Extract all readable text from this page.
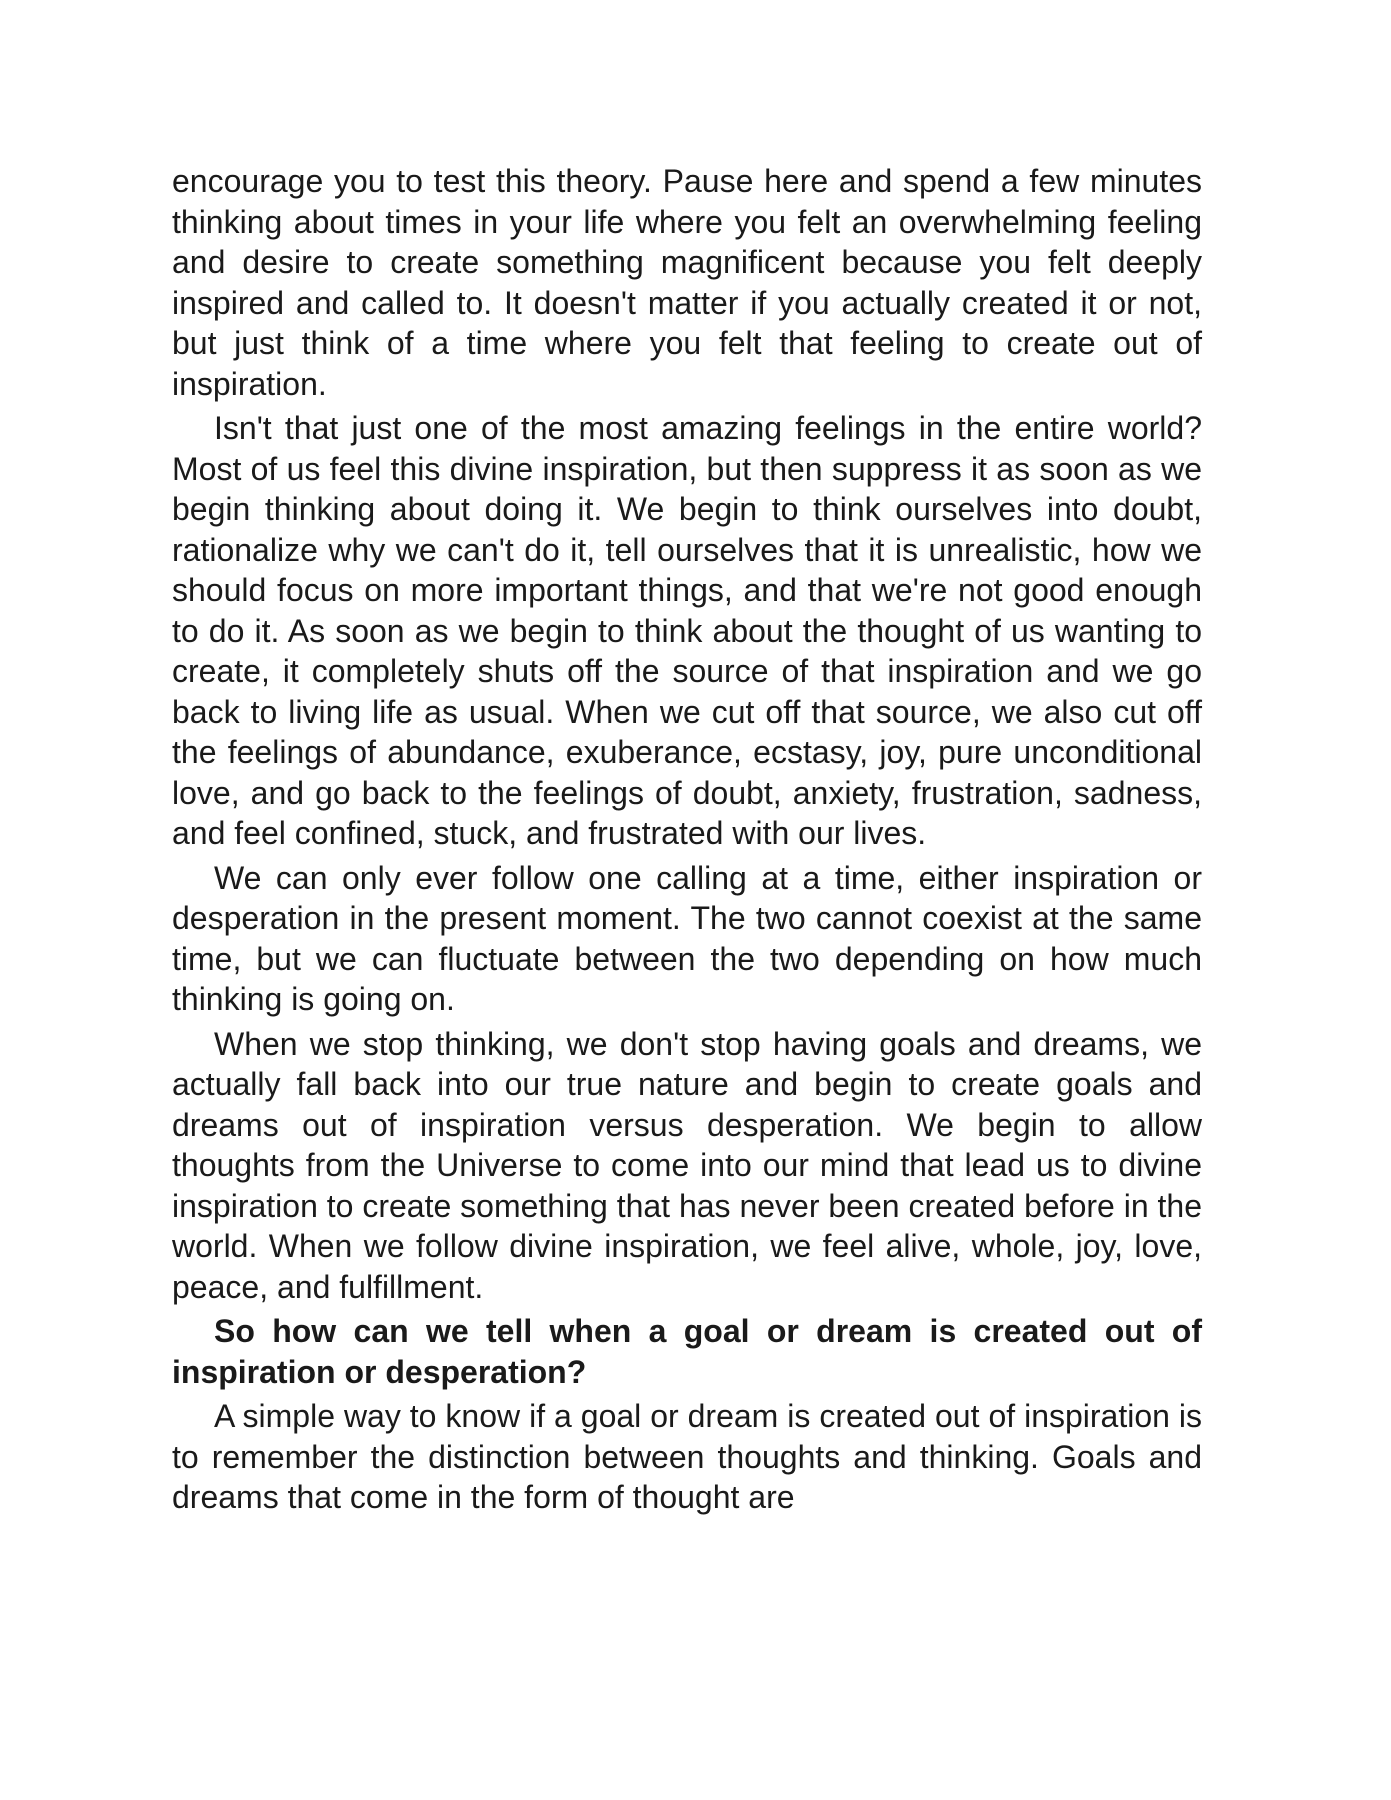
encourage you to test this theory. Pause here and spend a few minutes thinking about times in your life where you felt an overwhelming feeling and desire to create something magnificent because you felt deeply inspired and called to. It doesn't matter if you actually created it or not, but just think of a time where you felt that feeling to create out of inspiration.

Isn't that just one of the most amazing feelings in the entire world? Most of us feel this divine inspiration, but then suppress it as soon as we begin thinking about doing it. We begin to think ourselves into doubt, rationalize why we can't do it, tell ourselves that it is unrealistic, how we should focus on more important things, and that we're not good enough to do it. As soon as we begin to think about the thought of us wanting to create, it completely shuts off the source of that inspiration and we go back to living life as usual. When we cut off that source, we also cut off the feelings of abundance, exuberance, ecstasy, joy, pure unconditional love, and go back to the feelings of doubt, anxiety, frustration, sadness, and feel confined, stuck, and frustrated with our lives.

We can only ever follow one calling at a time, either inspiration or desperation in the present moment. The two cannot coexist at the same time, but we can fluctuate between the two depending on how much thinking is going on.

When we stop thinking, we don't stop having goals and dreams, we actually fall back into our true nature and begin to create goals and dreams out of inspiration versus desperation. We begin to allow thoughts from the Universe to come into our mind that lead us to divine inspiration to create something that has never been created before in the world. When we follow divine inspiration, we feel alive, whole, joy, love, peace, and fulfillment.

So how can we tell when a goal or dream is created out of inspiration or desperation?

A simple way to know if a goal or dream is created out of inspiration is to remember the distinction between thoughts and thinking. Goals and dreams that come in the form of thought are
